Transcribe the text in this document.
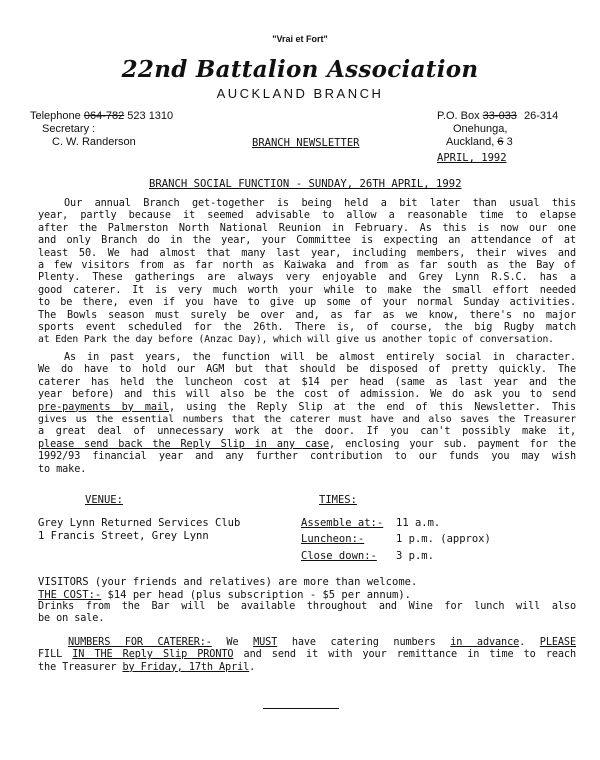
"Vrai et Fort"
22nd Battalion Association
AUCKLAND BRANCH
Telephone 064-782 523 1310
Secretary :
C. W. Randerson	BRANCH NEWSLETTER
P.O. Box 33-033 26-314
Onehunga,
Auckland, 6 3
APRIL, 1992
BRANCH SOCIAL FUNCTION - SUNDAY, 26TH APRIL, 1992
Our annual Branch get-together is being held a bit later than usual this
year, partly because it seemed advisable to allow a reasonable time to elapse
after the Palmerston North National Reunion in February. As this is now our one
and only Branch do in the year, your Committee is expecting an attendance of at
least 50. We had almost that many last year, including members, their wives and
a few visitors from as far north as Kaiwaka and from as far south as the Bay of
Plenty. These gatherings are always very enjoyable and Grey Lynn R.S.C. has a
good caterer. It is very much worth your while to make the small effort needed
to be there, even if you have to give up some of your normal Sunday activities.
The Bowls season must surely be over and, as far as we know, there's no major
sports event scheduled for the 26th. There is, of course, the big Rugby match
at Eden Park the day before (Anzac Day), which will give us another topic of conversation.
As in past years, the function will be almost entirely social in character.
We do have to hold our AGM but that should be disposed of pretty quickly. The
caterer has held the luncheon cost at $14 per head (same as last year and the
year before) and this will also be the cost of admission. We do ask you to send
pre-payments by mail, using the Reply Slip at the end of this Newsletter. This
gives us the essential numbers that the caterer must have and also saves the Treasurer
a great deal of unnecessary work at the door. If you can't possibly make it,
please send back the Reply Slip in any case, enclosing your sub. payment for the
1992/93 financial year and any further contribution to our funds you may wish
to make.
VENUE:
Grey Lynn Returned Services Club
1 Francis Street, Grey Lynn
TIMES:
Assemble at:- 11 a.m.
Luncheon:-	1 p.m. (approx)
Close down:- 3 p.m.
VISITORS (your friends and relatives) are more than welcome.
THE COST:- $14 per head (plus subscription - $5 per annum).
Drinks from the Bar will be available throughout and Wine for lunch will also
be on sale.
NUMBERS FOR CATERER:- We MUST have catering numbers in advance. PLEASE
FILL IN THE Reply Slip PRONTO and send it with your remittance in time to reach
the Treasurer by Friday, 17th April.
